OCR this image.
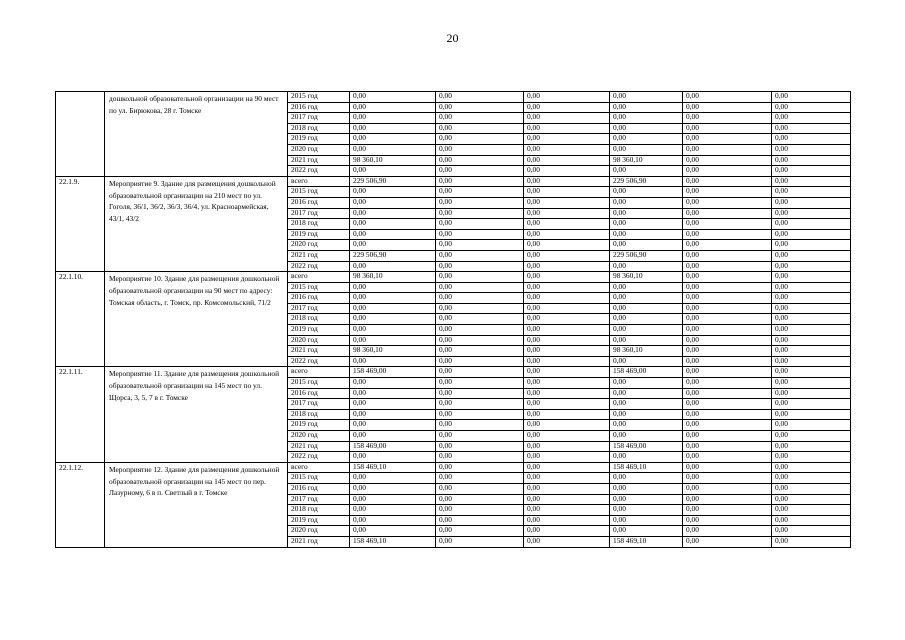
20
	дошкольной образовательной организации на 90 мест по ул. Бирюкова, 28 г. Томске	2015 год	0,00	0,00	0,00	0,00	0,00	0,00
		2016 год	0,00	0,00	0,00	0,00	0,00	0,00
		2017 год	0,00	0,00	0,00	0,00	0,00	0,00
		2018 год	0,00	0,00	0,00	0,00	0,00	0,00
		2019 год	0,00	0,00	0,00	0,00	0,00	0,00
		2020 год	0,00	0,00	0,00	0,00	0,00	0,00
		2021 год	98 360,10	0,00	0,00	98 360,10	0,00	0,00
		2022 год	0,00	0,00	0,00	0,00	0,00	0,00
22.1.9.	Мероприятие 9. Здание для размещения дошкольной образовательной организации на 210 мест по ул. Гоголя, 36/1, 36/2, 36/3, 36/4, ул. Красноармейская, 43/1, 43/2	всего	229 506,90	0,00	0,00	229 506,90	0,00	0,00
		2015 год	0,00	0,00	0,00	0,00	0,00	0,00
		2016 год	0,00	0,00	0,00	0,00	0,00	0,00
		2017 год	0,00	0,00	0,00	0,00	0,00	0,00
		2018 год	0,00	0,00	0,00	0,00	0,00	0,00
		2019 год	0,00	0,00	0,00	0,00	0,00	0,00
		2020 год	0,00	0,00	0,00	0,00	0,00	0,00
		2021 год	229 506,90	0,00	0,00	229 506,90	0,00	0,00
		2022 год	0,00	0,00	0,00	0,00	0,00	0,00
22.1.10.	Мероприятие 10. Здание для размещения дошкольной образовательной организации на 90 мест по адресу: Томская область, г. Томск, пр. Комсомольский, 71/2	всего	98 360,10	0,00	0,00	98 360,10	0,00	0,00
		2015 год	0,00	0,00	0,00	0,00	0,00	0,00
		2016 год	0,00	0,00	0,00	0,00	0,00	0,00
		2017 год	0,00	0,00	0,00	0,00	0,00	0,00
		2018 год	0,00	0,00	0,00	0,00	0,00	0,00
		2019 год	0,00	0,00	0,00	0,00	0,00	0,00
		2020 год	0,00	0,00	0,00	0,00	0,00	0,00
		2021 год	98 360,10	0,00	0,00	98 360,10	0,00	0,00
		2022 год	0,00	0,00	0,00	0,00	0,00	0,00
22.1.11.	Мероприятие 11. Здание для размещения дошкольной образовательной организации на 145 мест по ул. Щорса, 3, 5, 7 в г. Томске	всего	158 469,00	0,00	0,00	158 469,00	0,00	0,00
		2015 год	0,00	0,00	0,00	0,00	0,00	0,00
		2016 год	0,00	0,00	0,00	0,00	0,00	0,00
		2017 год	0,00	0,00	0,00	0,00	0,00	0,00
		2018 год	0,00	0,00	0,00	0,00	0,00	0,00
		2019 год	0,00	0,00	0,00	0,00	0,00	0,00
		2020 год	0,00	0,00	0,00	0,00	0,00	0,00
		2021 год	158 469,00	0,00	0,00	158 469,00	0,00	0,00
		2022 год	0,00	0,00	0,00	0,00	0,00	0,00
22.1.12.	Мероприятие 12. Здание для размещения дошкольной образовательной организации на 145 мест по пер. Лазурному, 6 в п. Светлый в г. Томске	всего	158 469,10	0,00	0,00	158 469,10	0,00	0,00
		2015 год	0,00	0,00	0,00	0,00	0,00	0,00
		2016 год	0,00	0,00	0,00	0,00	0,00	0,00
		2017 год	0,00	0,00	0,00	0,00	0,00	0,00
		2018 год	0,00	0,00	0,00	0,00	0,00	0,00
		2019 год	0,00	0,00	0,00	0,00	0,00	0,00
		2020 год	0,00	0,00	0,00	0,00	0,00	0,00
		2021 год	158 469,10	0,00	0,00	158 469,10	0,00	0,00
